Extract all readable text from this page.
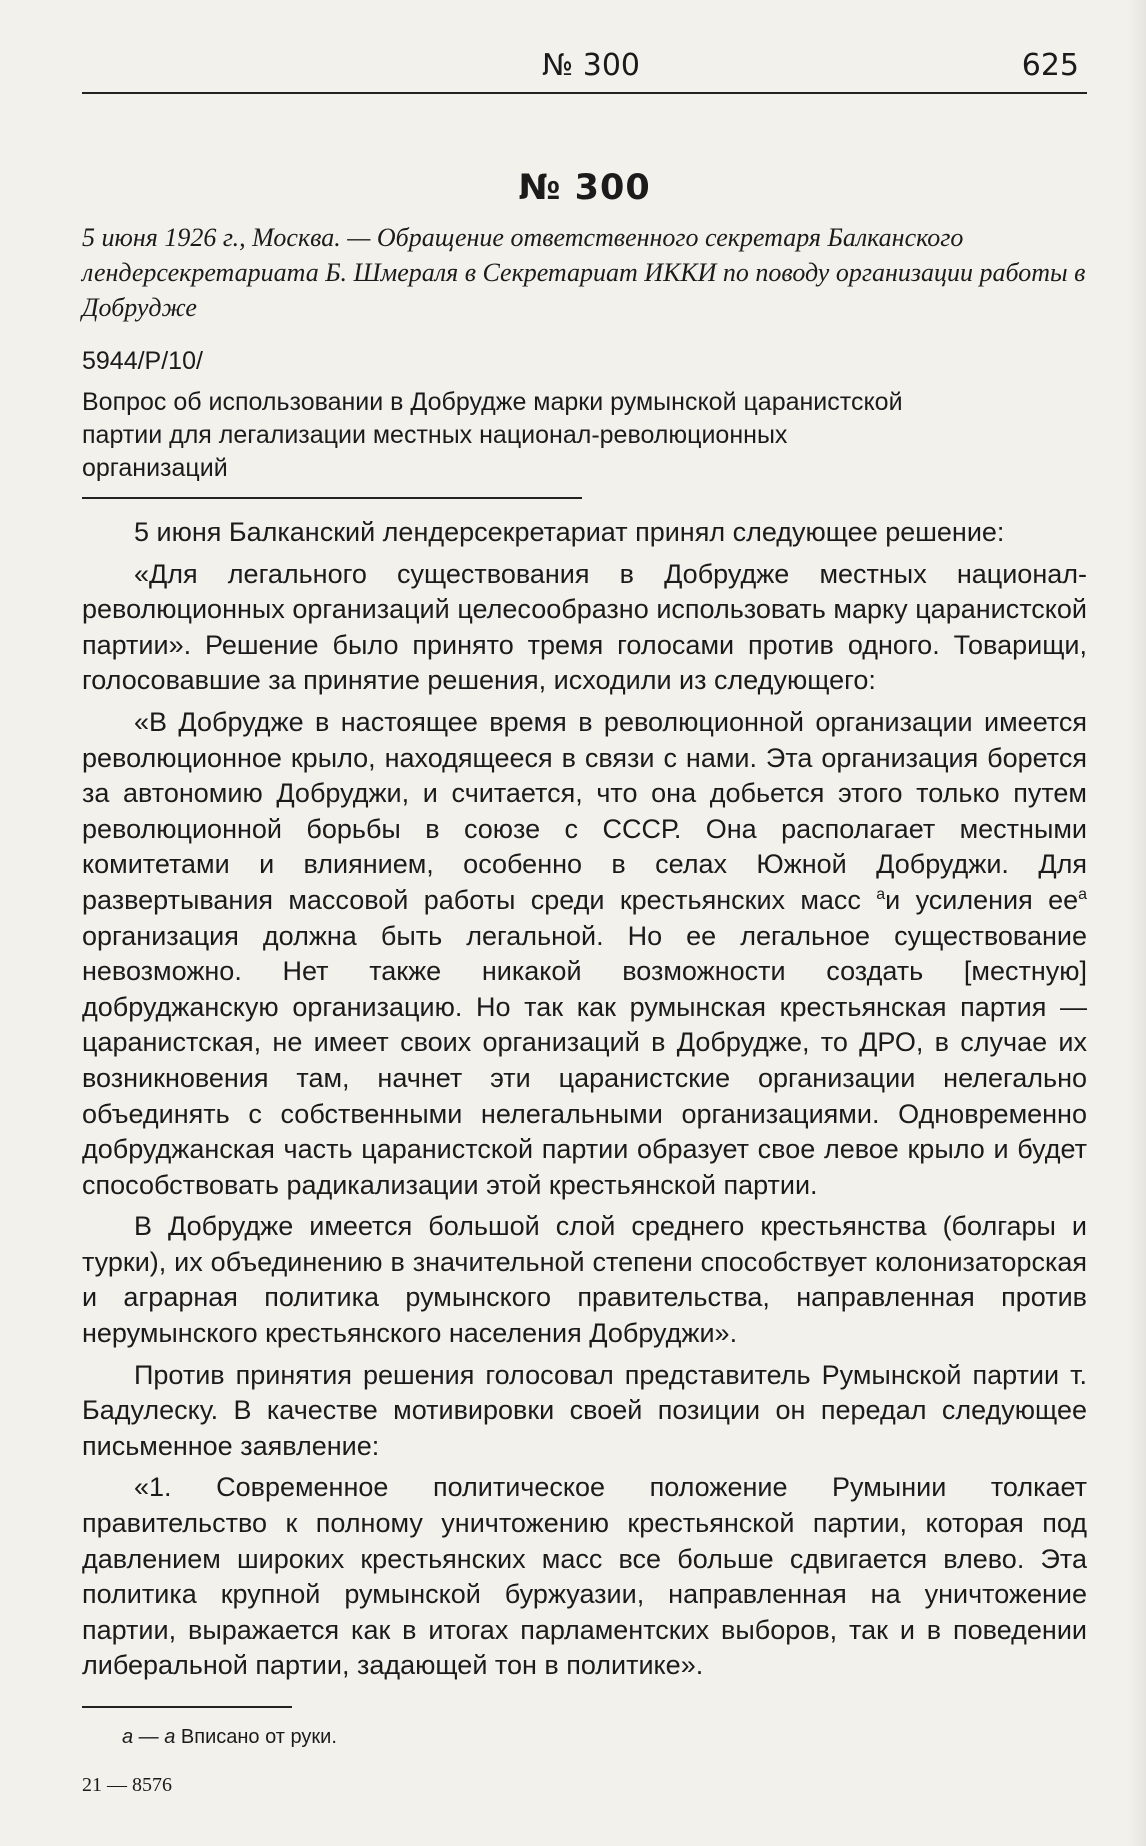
№ 300	625
№ 300
5 июня 1926 г., Москва. — Обращение ответственного секретаря Балканского лендерсекретариата Б. Шмераля в Секретариат ИККИ по поводу организации работы в Добрудже
5944/P/10/
Вопрос об использовании в Добрудже марки румынской царанистской партии для легализации местных национал-революционных организаций

5 июня Балканский лендерсекретариат принял следующее решение:

«Для легального существования в Добрудже местных национал-революционных организаций целесообразно использовать марку царанистской партии». Решение было принято тремя голосами против одного. Товарищи, голосовавшие за принятие решения, исходили из следующего:

«В Добрудже в настоящее время в революционной организации имеется революционное крыло, находящееся в связи с нами. Эта организация борется за автономию Добруджи, и считается, что она добьется этого только путем революционной борьбы в союзе с СССР. Она располагает местными комитетами и влиянием, особенно в селах Южной Добруджи. Для развертывания массовой работы среди крестьянских масс $^а$и усиления $ее^а$ организация должна быть легальной. Но ее легальное существование невозможно. Нет также никакой возможности создать [местную] добруджанскую организацию. Но так как румынская крестьянская партия — царанистская, не имеет своих организаций в Добрудже, то ДРО, в случае их возникновения там, начнет эти царанистские организации нелегально объединять с собственными нелегальными организациями. Одновременно добруджанская часть царанистской партии образует свое левое крыло и будет способствовать радикализации этой крестьянской партии.

В Добрудже имеется большой слой среднего крестьянства (болгары и турки), их объединению в значительной степени способствует колонизаторская и аграрная политика румынского правительства, направленная против нерумынского крестьянского населения Добруджи».

Против принятия решения голосовал представитель Румынской партии т. Бадулеску. В качестве мотивировки своей позиции он передал следующее письменное заявление:

«1. Современное политическое положение Румынии толкает правительство к полному уничтожению крестьянской партии, которая под давлением широких крестьянских масс все больше сдвигается влево. Эта политика крупной румынской буржуазии, направленная на уничтожение партии, выражается как в итогах парламентских выборов, так и в поведении либеральной партии, задающей тон в политике».

а — а Вписано от руки.
21 — 8576
